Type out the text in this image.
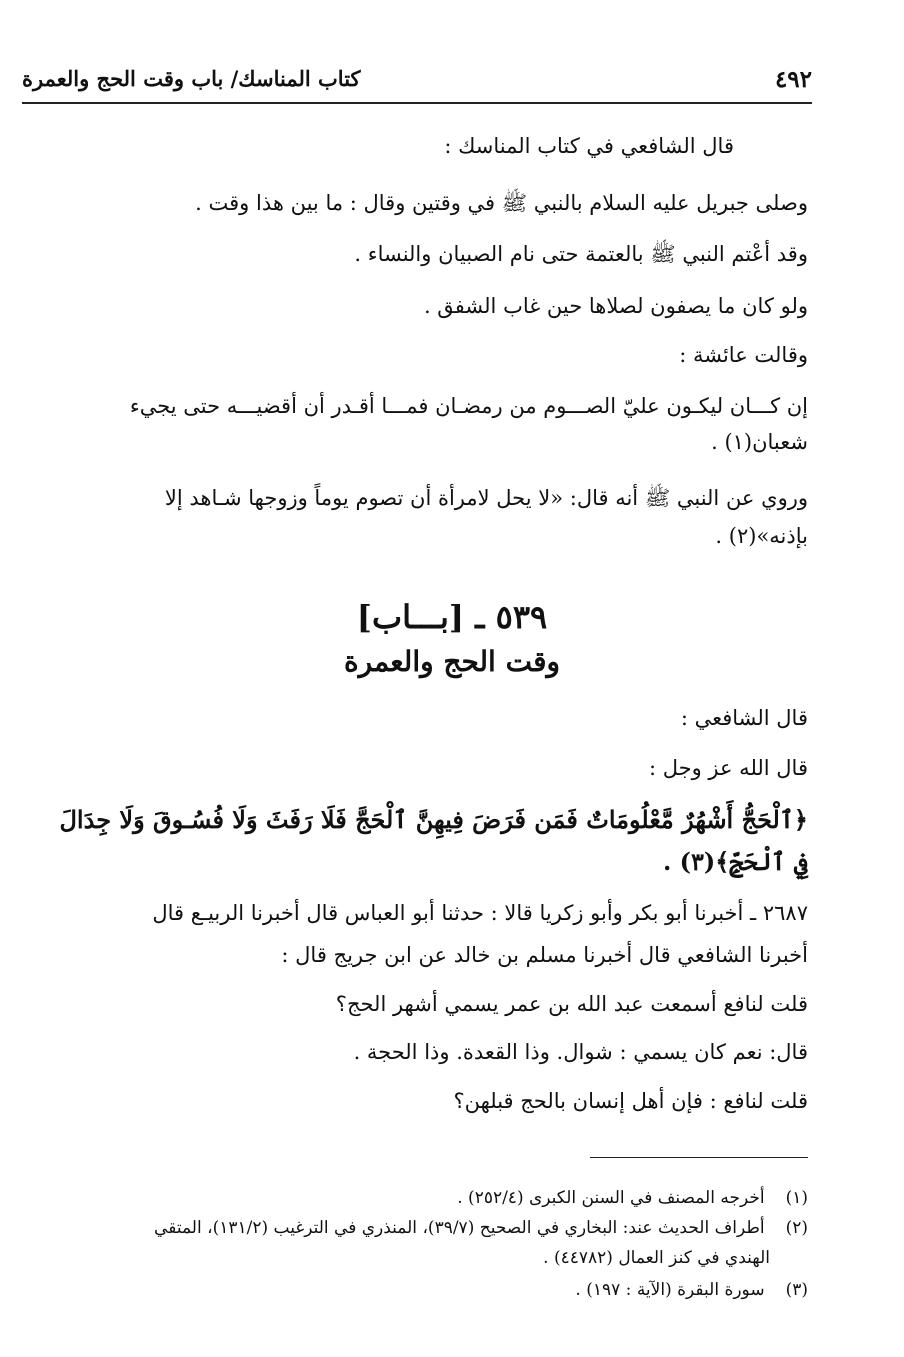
٤٩٢
كتاب المناسك/ باب وقت الحج والعمرة
قال الشافعي في كتاب المناسك :
وصلى جبريل عليه السلام بالنبي ﷺ في وقتين وقال : ما بين هذا وقت .
وقد أعْتم النبي ﷺ بالعتمة حتى نام الصبيان والنساء .
ولو كان ما يصفون لصلاها حين غاب الشفق .
وقالت عائشة :
إن كـــان ليكـون عليّ الصـــوم من رمضـان فمـــا أقـدر أن أقضيـــه حتى يجيء
شعبان(١) .
وروي عن النبي ﷺ أنه قال: «لا يحل لامرأة أن تصوم يوماً وزوجها شـاهد إلا
بإذنه»(٢) .
٥٣٩ ـ [بـــاب]
وقت الحج والعمرة
قال الشافعي :
قال الله عز وجل :
﴿ٱلْحَجُّ أَشْهُرٌ مَّعْلُومَاتٌ فَمَن فَرَضَ فِيهِنَّ ٱلْحَجَّ فَلَا رَفَثَ وَلَا فُسُـوقَ وَلَا جِدَالَ
فِي ٱلْحَجِّ﴾(٣) .
٢٦٨٧ ـ أخبرنا أبو بكر وأبو زكريا قالا : حدثنا أبو العباس قال أخبرنا الربيـع قال
أخبرنا الشافعي قال أخبرنا مسلم بن خالد عن ابن جريج قال :
قلت لنافع أسمعت عبد الله بن عمر يسمي أشهر الحج؟
قال: نعم كان يسمي : شوال. وذا القعدة. وذا الحجة .
قلت لنافع : فإن أهل إنسان بالحج قبلهن؟
(١) أخرجه المصنف في السنن الكبرى (٢٥٢/٤) .
(٢) أطراف الحديث عند: البخاري في الصحيح (٣٩/٧)، المنذري في الترغيب (١٣١/٢)، المتقي
الهندي في كنز العمال (٤٤٧٨٢) .
(٣) سورة البقرة (الآية : ١٩٧) .
